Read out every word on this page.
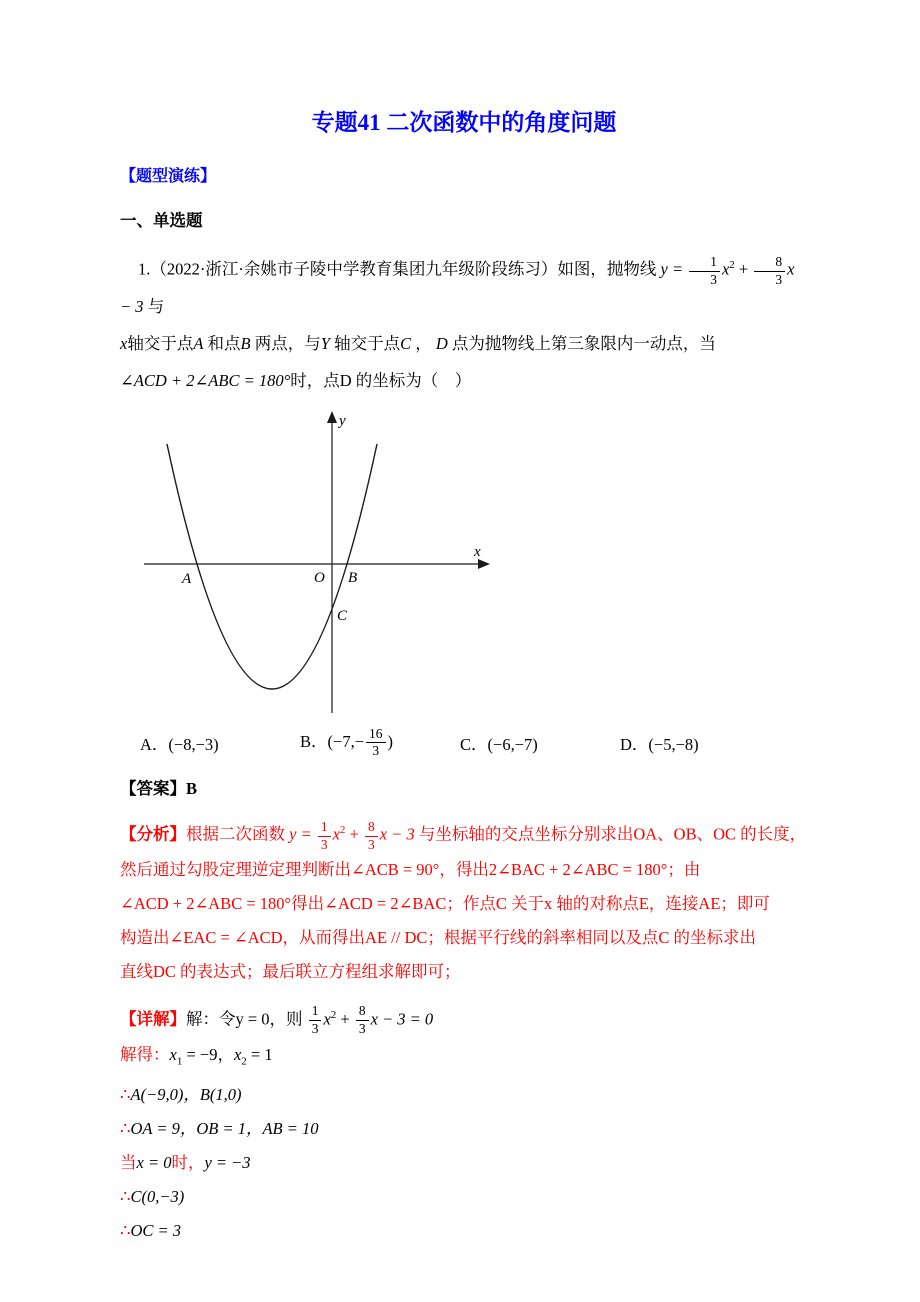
专题41 二次函数中的角度问题
【题型演练】
一、单选题

1.（2022·浙江·余姚市子陵中学教育集团九年级阶段练习）如图，抛物线 $y = \frac{1}{3} x^2 + \frac{8}{3}$ x − 3 与
x轴交于点A 和点B 两点，与Y 轴交于点C ， D 点为抛物线上第三象限内一动点，当
∠ACD + 2∠ABC = 180°时，点D 的坐标为（　）

y
x
O
A	B
C
A．(−8,−3)	B．($-7,- \frac{16}{3}$ )	C．(−6,−7)	D．(−5,−8)
【答案】B
【分析】根据二次函数 $y = \frac{1}{3} x^2 + \frac{8}{3}$ x − 3 与坐标轴的交点坐标分别求出OA、OB、OC 的长度，
然后通过勾股定理逆定理判断出∠ACB = 90°，得出2∠BAC + 2∠ABC = 180°；由
∠ACD + 2∠ABC = 180°得出∠ACD = 2∠BAC；作点C 关于x 轴的对称点E，连接AE；即可
构造出∠EAC = ∠ACD，从而得出AE // DC；根据平行线的斜率相同以及点C 的坐标求出
直线DC 的表达式；最后联立方程组求解即可；
【详解】解：令y = 0，则 $\frac{1}{3} x^2 + \frac{8}{3}$ x − 3 = 0
解得：$x_1 = -9$，$x_2 = 1$
∴A(−9,0)，B(1,0)
∴OA = 9，OB = 1，AB = 10
当x = 0时，y = −3
∴C(0,−3)
∴OC = 3
